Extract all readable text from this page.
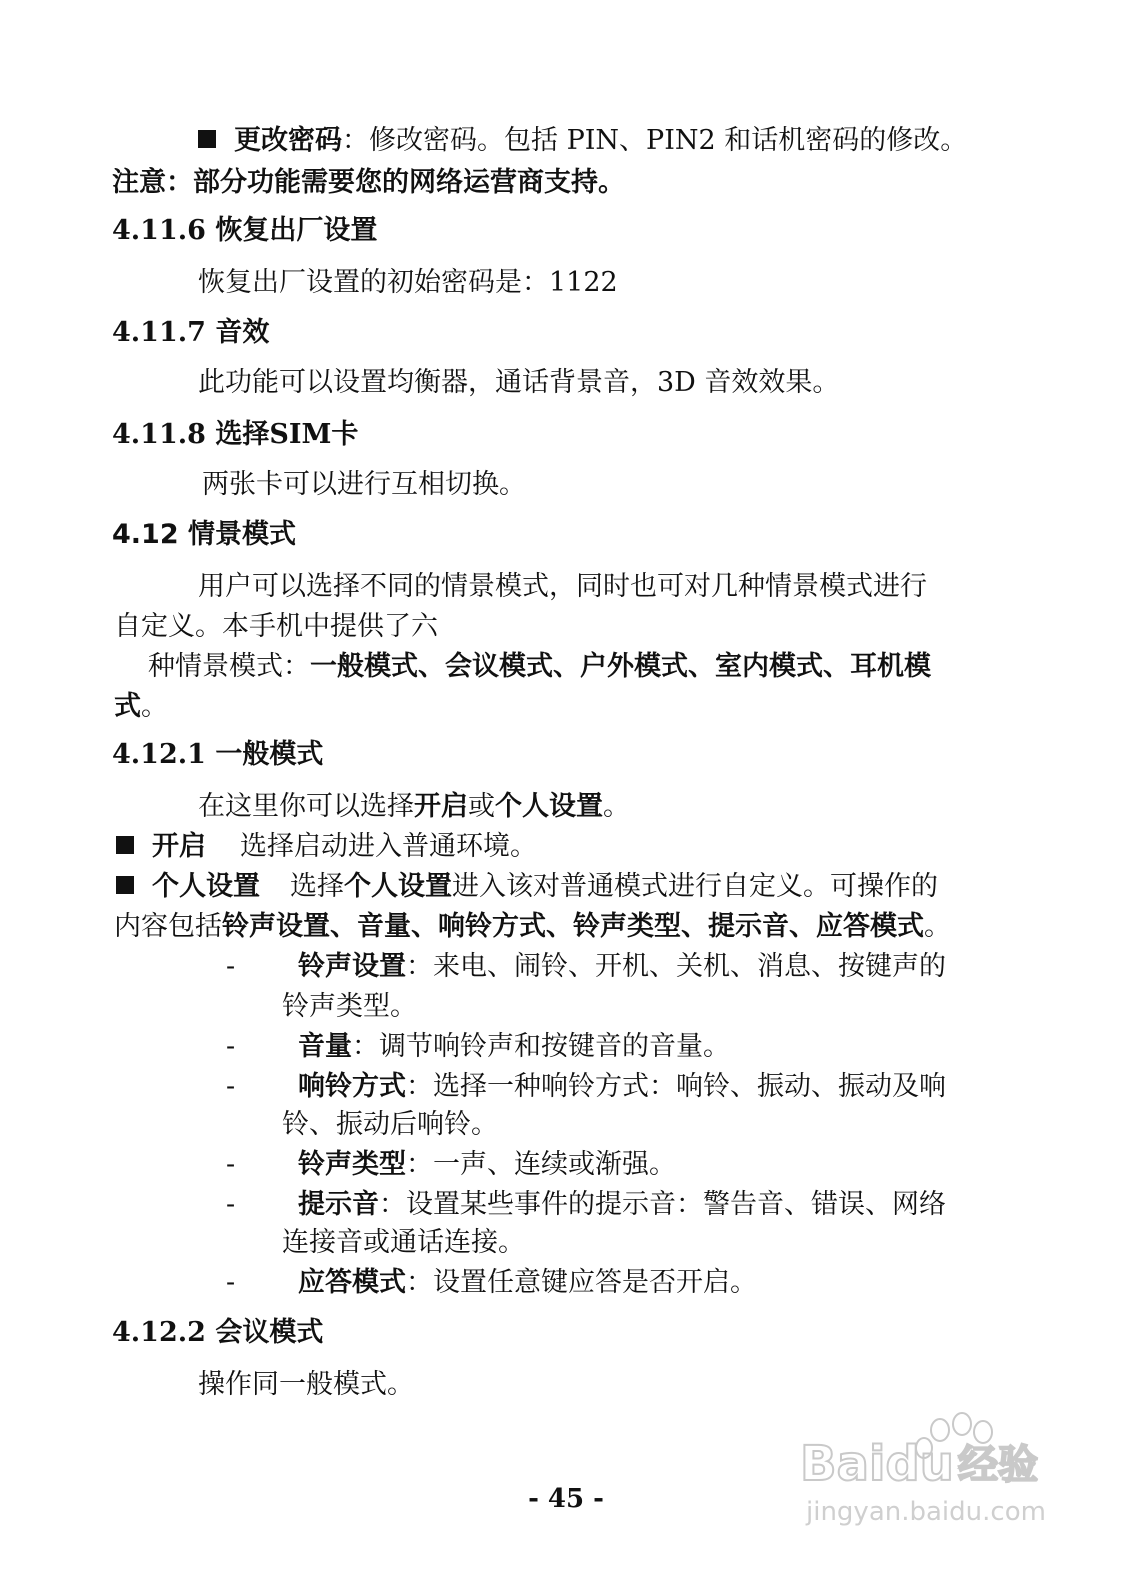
更改密码：修改密码。包括 PIN、PIN2 和话机密码的修改。
注意：部分功能需要您的网络运营商支持。
4.11.6 恢复出厂设置
恢复出厂设置的初始密码是：1122
4.11.7 音效
此功能可以设置均衡器，通话背景音，3D 音效效果。
4.11.8 选择SIM卡
两张卡可以进行互相切换。
4.12 情景模式
用户可以选择不同的情景模式，同时也可对几种情景模式进行
自定义。本手机中提供了六
种情景模式：一般模式、会议模式、户外模式、室内模式、耳机模
式。
4.12.1 一般模式
在这里你可以选择开启或个人设置。
开启 选择启动进入普通环境。
个人设置 选择个人设置进入该对普通模式进行自定义。可操作的
内容包括铃声设置、音量、响铃方式、铃声类型、提示音、应答模式。
- 铃声设置：来电、闹铃、开机、关机、消息、按键声的
铃声类型。
- 音量：调节响铃声和按键音的音量。
- 响铃方式：选择一种响铃方式：响铃、振动、振动及响
铃、振动后响铃。
- 铃声类型：一声、连续或渐强。
- 提示音：设置某些事件的提示音：警告音、错误、网络
连接音或通话连接。
- 应答模式：设置任意键应答是否开启。
4.12.2 会议模式
操作同一般模式。
- 45 -
Baidu 经验
jingyan.baidu.com
